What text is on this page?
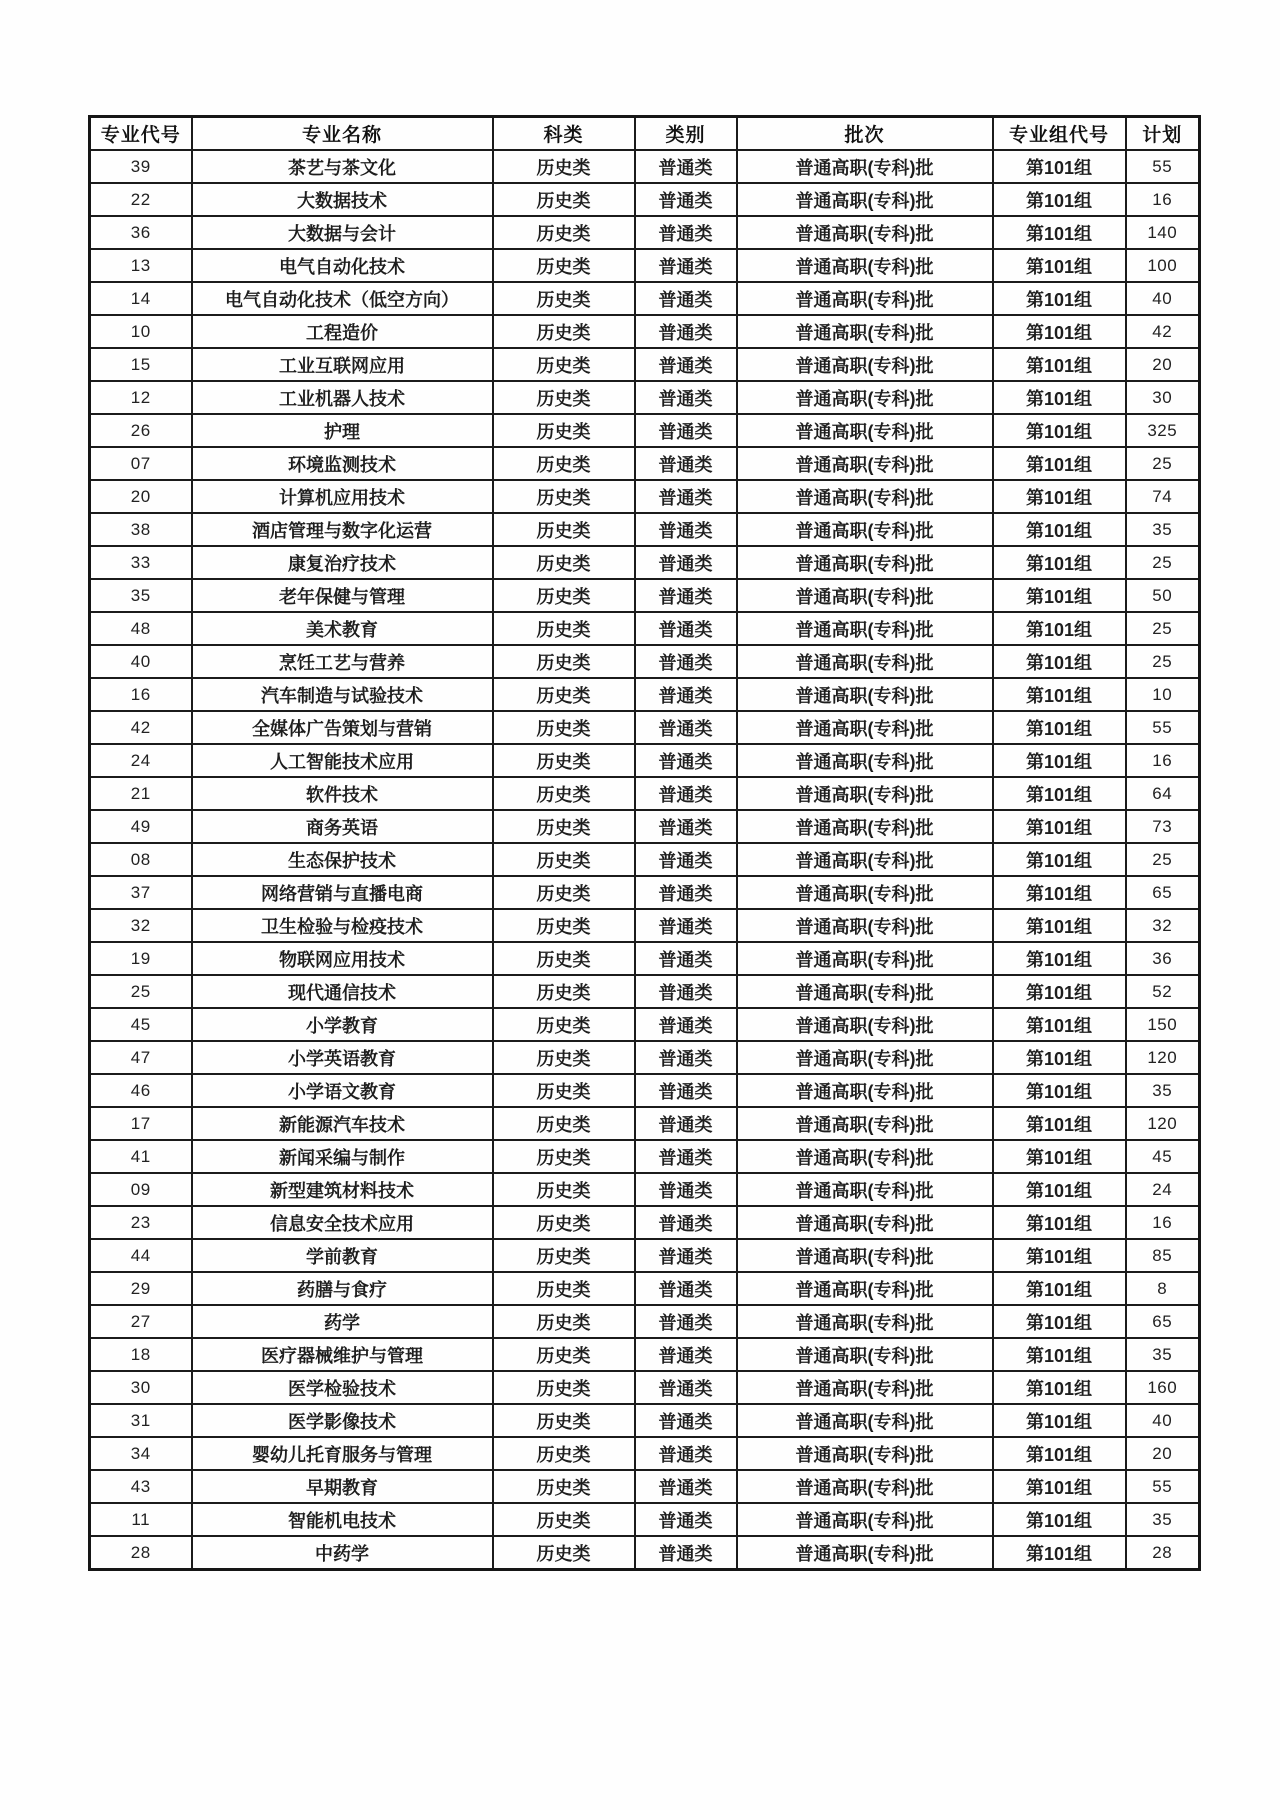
专业代号	专业名称	科类	类别	批次	专业组代号	计划
39	茶艺与茶文化	历史类	普通类	普通高职(专科)批	第101组	55
22	大数据技术	历史类	普通类	普通高职(专科)批	第101组	16
36	大数据与会计	历史类	普通类	普通高职(专科)批	第101组	140
13	电气自动化技术	历史类	普通类	普通高职(专科)批	第101组	100
14	电气自动化技术（低空方向）	历史类	普通类	普通高职(专科)批	第101组	40
10	工程造价	历史类	普通类	普通高职(专科)批	第101组	42
15	工业互联网应用	历史类	普通类	普通高职(专科)批	第101组	20
12	工业机器人技术	历史类	普通类	普通高职(专科)批	第101组	30
26	护理	历史类	普通类	普通高职(专科)批	第101组	325
07	环境监测技术	历史类	普通类	普通高职(专科)批	第101组	25
20	计算机应用技术	历史类	普通类	普通高职(专科)批	第101组	74
38	酒店管理与数字化运营	历史类	普通类	普通高职(专科)批	第101组	35
33	康复治疗技术	历史类	普通类	普通高职(专科)批	第101组	25
35	老年保健与管理	历史类	普通类	普通高职(专科)批	第101组	50
48	美术教育	历史类	普通类	普通高职(专科)批	第101组	25
40	烹饪工艺与营养	历史类	普通类	普通高职(专科)批	第101组	25
16	汽车制造与试验技术	历史类	普通类	普通高职(专科)批	第101组	10
42	全媒体广告策划与营销	历史类	普通类	普通高职(专科)批	第101组	55
24	人工智能技术应用	历史类	普通类	普通高职(专科)批	第101组	16
21	软件技术	历史类	普通类	普通高职(专科)批	第101组	64
49	商务英语	历史类	普通类	普通高职(专科)批	第101组	73
08	生态保护技术	历史类	普通类	普通高职(专科)批	第101组	25
37	网络营销与直播电商	历史类	普通类	普通高职(专科)批	第101组	65
32	卫生检验与检疫技术	历史类	普通类	普通高职(专科)批	第101组	32
19	物联网应用技术	历史类	普通类	普通高职(专科)批	第101组	36
25	现代通信技术	历史类	普通类	普通高职(专科)批	第101组	52
45	小学教育	历史类	普通类	普通高职(专科)批	第101组	150
47	小学英语教育	历史类	普通类	普通高职(专科)批	第101组	120
46	小学语文教育	历史类	普通类	普通高职(专科)批	第101组	35
17	新能源汽车技术	历史类	普通类	普通高职(专科)批	第101组	120
41	新闻采编与制作	历史类	普通类	普通高职(专科)批	第101组	45
09	新型建筑材料技术	历史类	普通类	普通高职(专科)批	第101组	24
23	信息安全技术应用	历史类	普通类	普通高职(专科)批	第101组	16
44	学前教育	历史类	普通类	普通高职(专科)批	第101组	85
29	药膳与食疗	历史类	普通类	普通高职(专科)批	第101组	8
27	药学	历史类	普通类	普通高职(专科)批	第101组	65
18	医疗器械维护与管理	历史类	普通类	普通高职(专科)批	第101组	35
30	医学检验技术	历史类	普通类	普通高职(专科)批	第101组	160
31	医学影像技术	历史类	普通类	普通高职(专科)批	第101组	40
34	婴幼儿托育服务与管理	历史类	普通类	普通高职(专科)批	第101组	20
43	早期教育	历史类	普通类	普通高职(专科)批	第101组	55
11	智能机电技术	历史类	普通类	普通高职(专科)批	第101组	35
28	中药学	历史类	普通类	普通高职(专科)批	第101组	28
